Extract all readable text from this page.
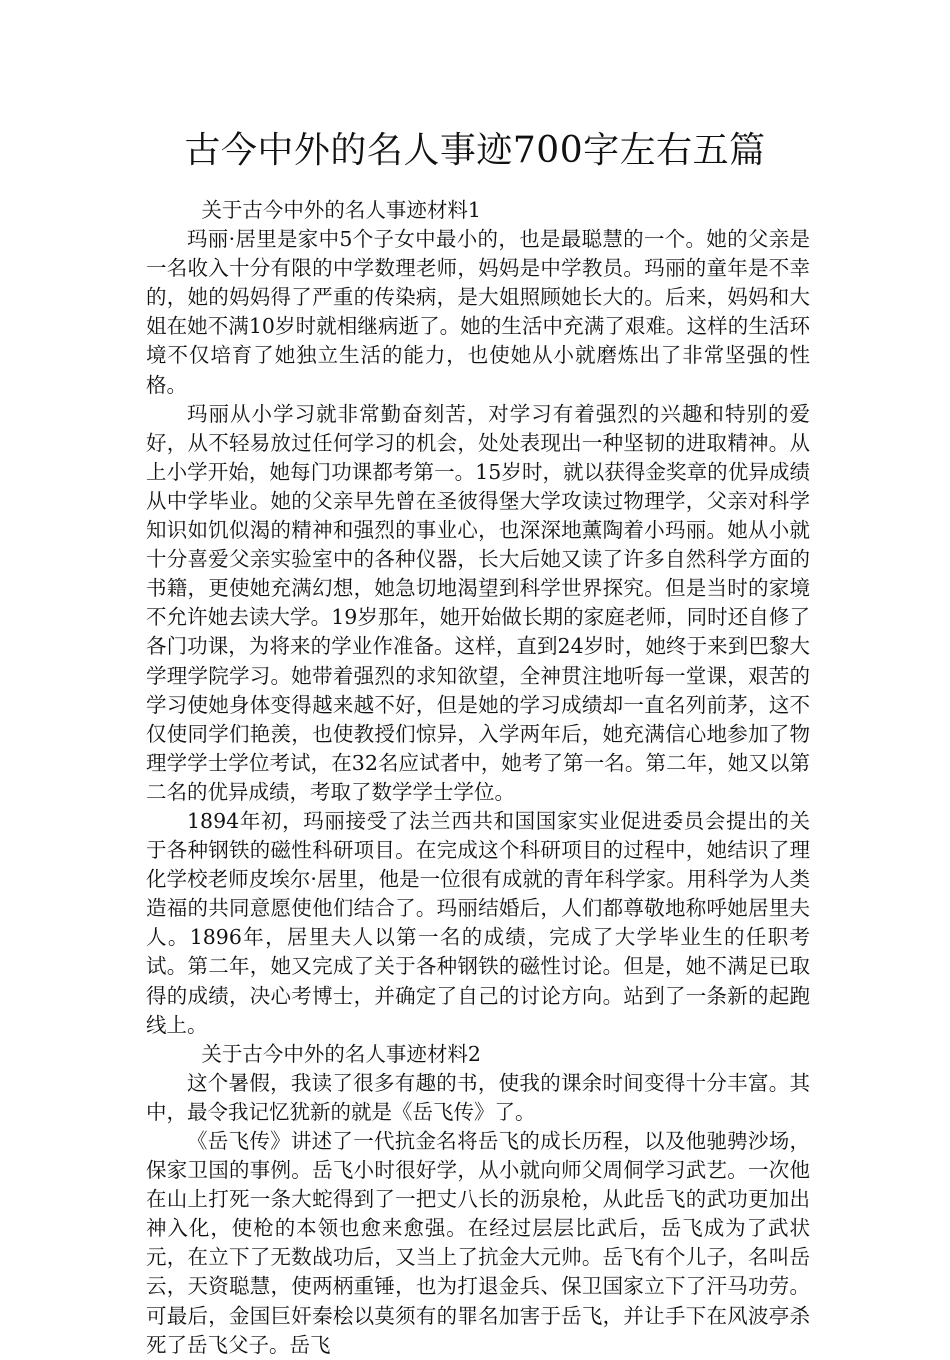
古今中外的名人事迹700字左右五篇

关于古今中外的名人事迹材料1

玛丽·居里是家中5个子女中最小的，也是最聪慧的一个。她的父亲是一名收入十分有限的中学数理老师，妈妈是中学教员。玛丽的童年是不幸的，她的妈妈得了严重的传染病，是大姐照顾她长大的。后来，妈妈和大姐在她不满10岁时就相继病逝了。她的生活中充满了艰难。这样的生活环境不仅培育了她独立生活的能力，也使她从小就磨炼出了非常坚强的性格。

玛丽从小学习就非常勤奋刻苦，对学习有着强烈的兴趣和特别的爱好，从不轻易放过任何学习的机会，处处表现出一种坚韧的进取精神。从上小学开始，她每门功课都考第一。15岁时，就以获得金奖章的优异成绩从中学毕业。她的父亲早先曾在圣彼得堡大学攻读过物理学，父亲对科学知识如饥似渴的精神和强烈的事业心，也深深地薰陶着小玛丽。她从小就十分喜爱父亲实验室中的各种仪器，长大后她又读了许多自然科学方面的书籍，更使她充满幻想，她急切地渴望到科学世界探究。但是当时的家境不允许她去读大学。19岁那年，她开始做长期的家庭老师，同时还自修了各门功课，为将来的学业作准备。这样，直到24岁时，她终于来到巴黎大学理学院学习。她带着强烈的求知欲望，全神贯注地听每一堂课，艰苦的学习使她身体变得越来越不好，但是她的学习成绩却一直名列前茅，这不仅使同学们艳羡，也使教授们惊异，入学两年后，她充满信心地参加了物理学学士学位考试，在32名应试者中，她考了第一名。第二年，她又以第二名的优异成绩，考取了数学学士学位。

1894年初，玛丽接受了法兰西共和国国家实业促进委员会提出的关于各种钢铁的磁性科研项目。在完成这个科研项目的过程中，她结识了理化学校老师皮埃尔·居里，他是一位很有成就的青年科学家。用科学为人类造福的共同意愿使他们结合了。玛丽结婚后，人们都尊敬地称呼她居里夫人。1896年，居里夫人以第一名的成绩，完成了大学毕业生的任职考试。第二年，她又完成了关于各种钢铁的磁性讨论。但是，她不满足已取得的成绩，决心考博士，并确定了自己的讨论方向。站到了一条新的起跑线上。

关于古今中外的名人事迹材料2

这个暑假，我读了很多有趣的书，使我的课余时间变得十分丰富。其中，最令我记忆犹新的就是《岳飞传》了。

《岳飞传》讲述了一代抗金名将岳飞的成长历程，以及他驰骋沙场，保家卫国的事例。岳飞小时很好学，从小就向师父周侗学习武艺。一次他在山上打死一条大蛇得到了一把丈八长的沥泉枪，从此岳飞的武功更加出神入化，使枪的本领也愈来愈强。在经过层层比武后，岳飞成为了武状元，在立下了无数战功后，又当上了抗金大元帅。岳飞有个儿子，名叫岳云，天资聪慧，使两柄重锤，也为打退金兵、保卫国家立下了汗马功劳。可最后，金国巨奸秦桧以莫须有的罪名加害于岳飞，并让手下在风波亭杀死了岳飞父子。岳飞
